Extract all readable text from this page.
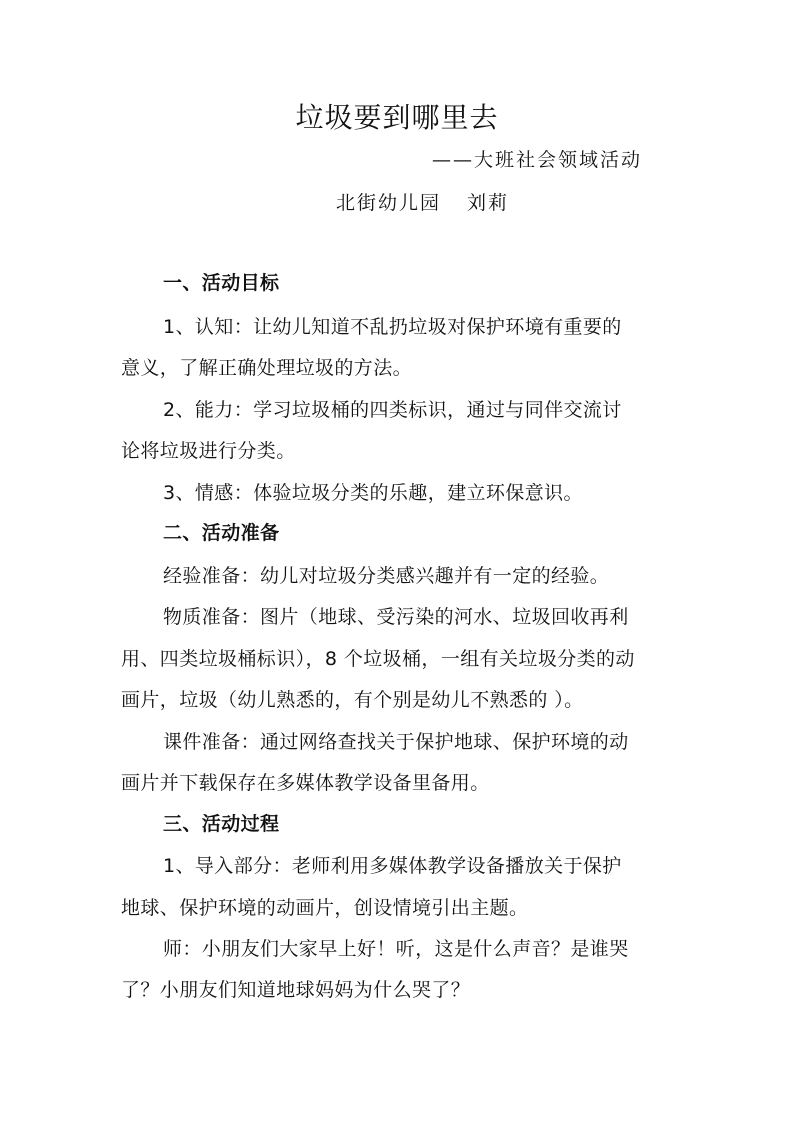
垃圾要到哪里去
——大班社会领域活动
北街幼儿园 刘莉
一、活动目标
1、认知：让幼儿知道不乱扔垃圾对保护环境有重要的
意义，了解正确处理垃圾的方法。
2、能力：学习垃圾桶的四类标识，通过与同伴交流讨
论将垃圾进行分类。
3、情感：体验垃圾分类的乐趣，建立环保意识。
二、活动准备
经验准备：幼儿对垃圾分类感兴趣并有一定的经验。
物质准备：图片（地球、受污染的河水、垃圾回收再利
用、四类垃圾桶标识），8 个垃圾桶，一组有关垃圾分类的动
画片，垃圾（幼儿熟悉的，有个别是幼儿不熟悉的 ）。
课件准备：通过网络查找关于保护地球、保护环境的动
画片并下载保存在多媒体教学设备里备用。
三、活动过程
1、导入部分：老师利用多媒体教学设备播放关于保护
地球、保护环境的动画片，创设情境引出主题。
师：小朋友们大家早上好！听，这是什么声音？是谁哭
了？小朋友们知道地球妈妈为什么哭了？
